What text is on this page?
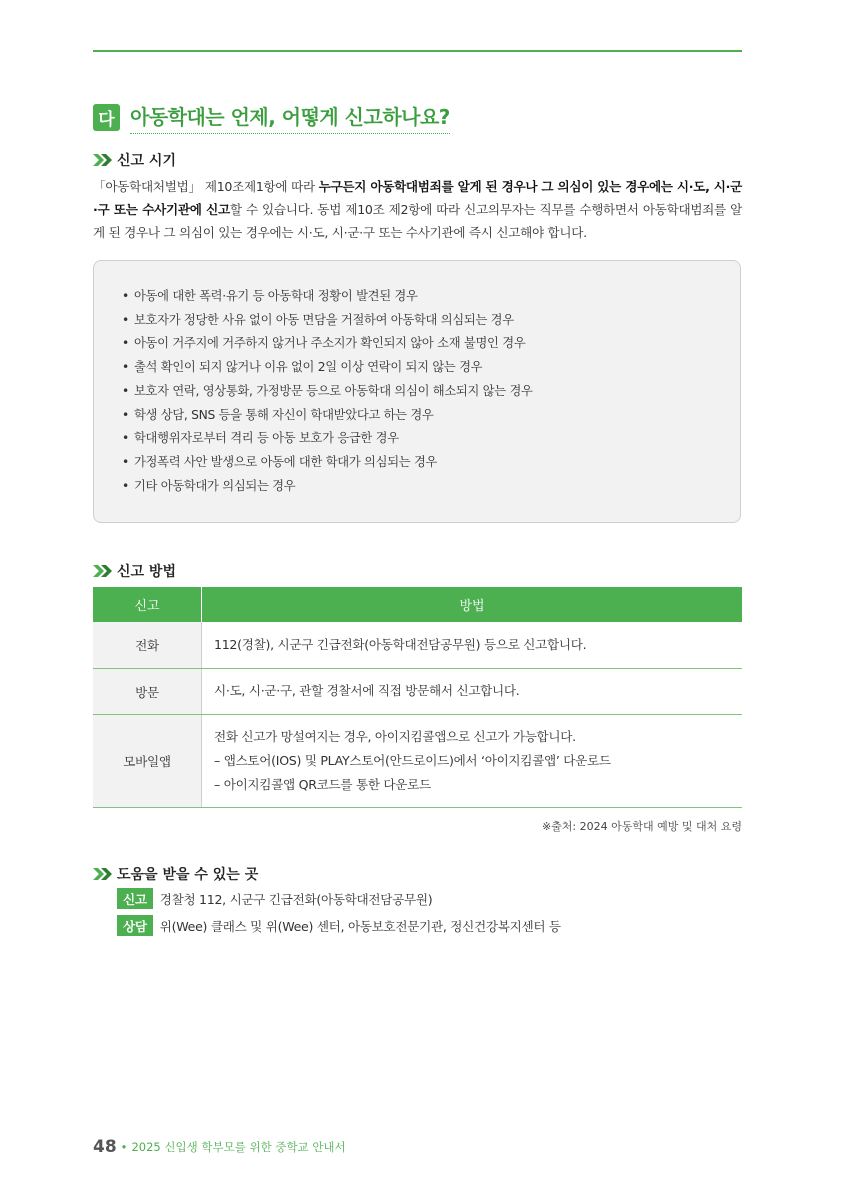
다 아동학대는 언제, 어떻게 신고하나요?
신고 시기
「아동학대처벌법」 제10조제1항에 따라 누구든지 아동학대범죄를 알게 된 경우나 그 의심이 있는 경우에는 시·도, 시·군·구 또는 수사기관에 신고할 수 있습니다. 동법 제10조 제2항에 따라 신고의무자는 직무를 수행하면서 아동학대범죄를 알게 된 경우나 그 의심이 있는 경우에는 시·도, 시·군·구 또는 수사기관에 즉시 신고해야 합니다.
• 아동에 대한 폭력·유기 등 아동학대 정황이 발견된 경우
• 보호자가 정당한 사유 없이 아동 면담을 거절하여 아동학대 의심되는 경우
• 아동이 거주지에 거주하지 않거나 주소지가 확인되지 않아 소재 불명인 경우
• 출석 확인이 되지 않거나 이유 없이 2일 이상 연락이 되지 않는 경우
• 보호자 연락, 영상통화, 가정방문 등으로 아동학대 의심이 해소되지 않는 경우
• 학생 상담, SNS 등을 통해 자신이 학대받았다고 하는 경우
• 학대행위자로부터 격리 등 아동 보호가 응급한 경우
• 가정폭력 사안 발생으로 아동에 대한 학대가 의심되는 경우
• 기타 아동학대가 의심되는 경우
신고 방법
신고	방법
전화	112(경찰), 시군구 긴급전화(아동학대전담공무원) 등으로 신고합니다.
방문	시·도, 시·군·구, 관할 경찰서에 직접 방문해서 신고합니다.
모바일앱	전화 신고가 망설여지는 경우, 아이지킴콜앱으로 신고가 가능합니다.
– 앱스토어(IOS) 및 PLAY스토어(안드로이드)에서 ‘아이지킴콜앱’ 다운로드
– 아이지킴콜앱 QR코드를 통한 다운로드
※출처: 2024 아동학대 예방 및 대처 요령
도움을 받을 수 있는 곳
신고	경찰청 112, 시군구 긴급전화(아동학대전담공무원)
상담	위(Wee) 클래스 및 위(Wee) 센터, 아동보호전문기관, 정신건강복지센터 등
48 • 2025 신입생 학부모를 위한 중학교 안내서
